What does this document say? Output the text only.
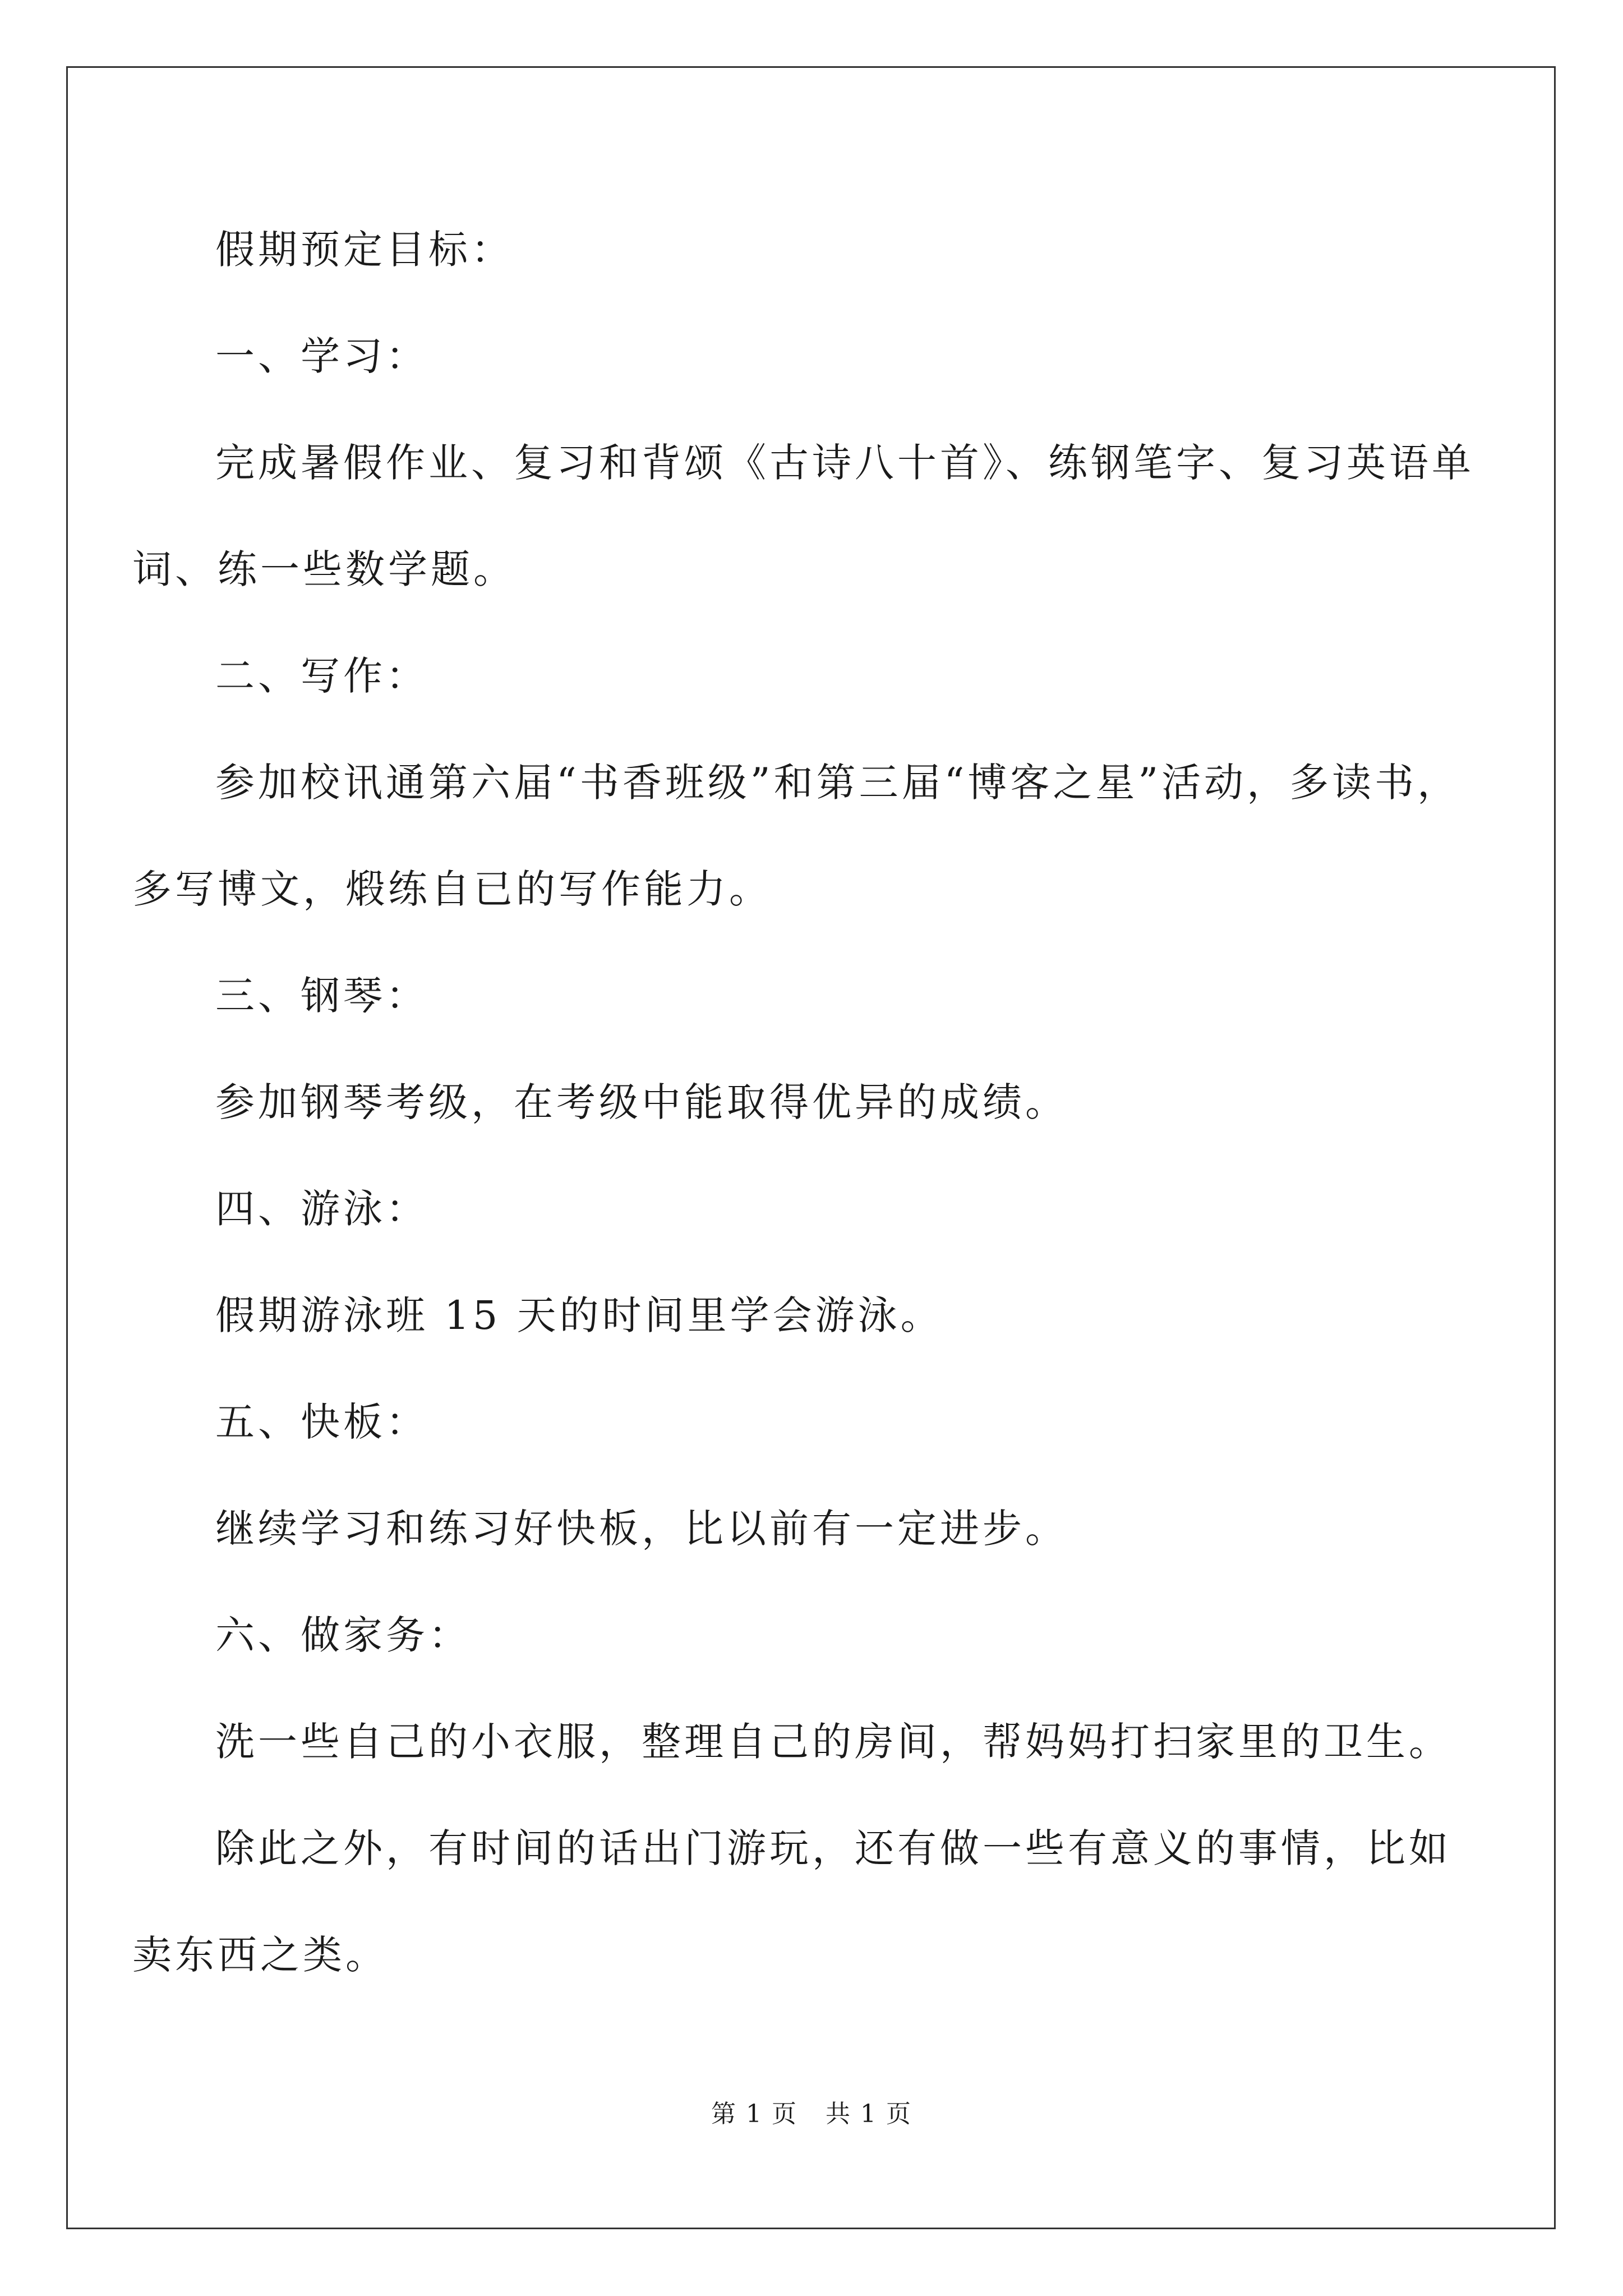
假期预定目标：

一、学习：

完成暑假作业、复习和背颂《古诗八十首》、练钢笔字、复习英语单词、练一些数学题。

二、写作：

参加校讯通第六届“书香班级”和第三届“博客之星”活动，多读书，多写博文，煅练自已的写作能力。

三、钢琴：

参加钢琴考级，在考级中能取得优异的成绩。

四、游泳：

假期游泳班 15 天的时间里学会游泳。

五、快板：

继续学习和练习好快板，比以前有一定进步。

六、做家务：

洗一些自己的小衣服，整理自己的房间，帮妈妈打扫家里的卫生。

除此之外，有时间的话出门游玩，还有做一些有意义的事情，比如卖东西之类。

第 1 页 共 1 页
